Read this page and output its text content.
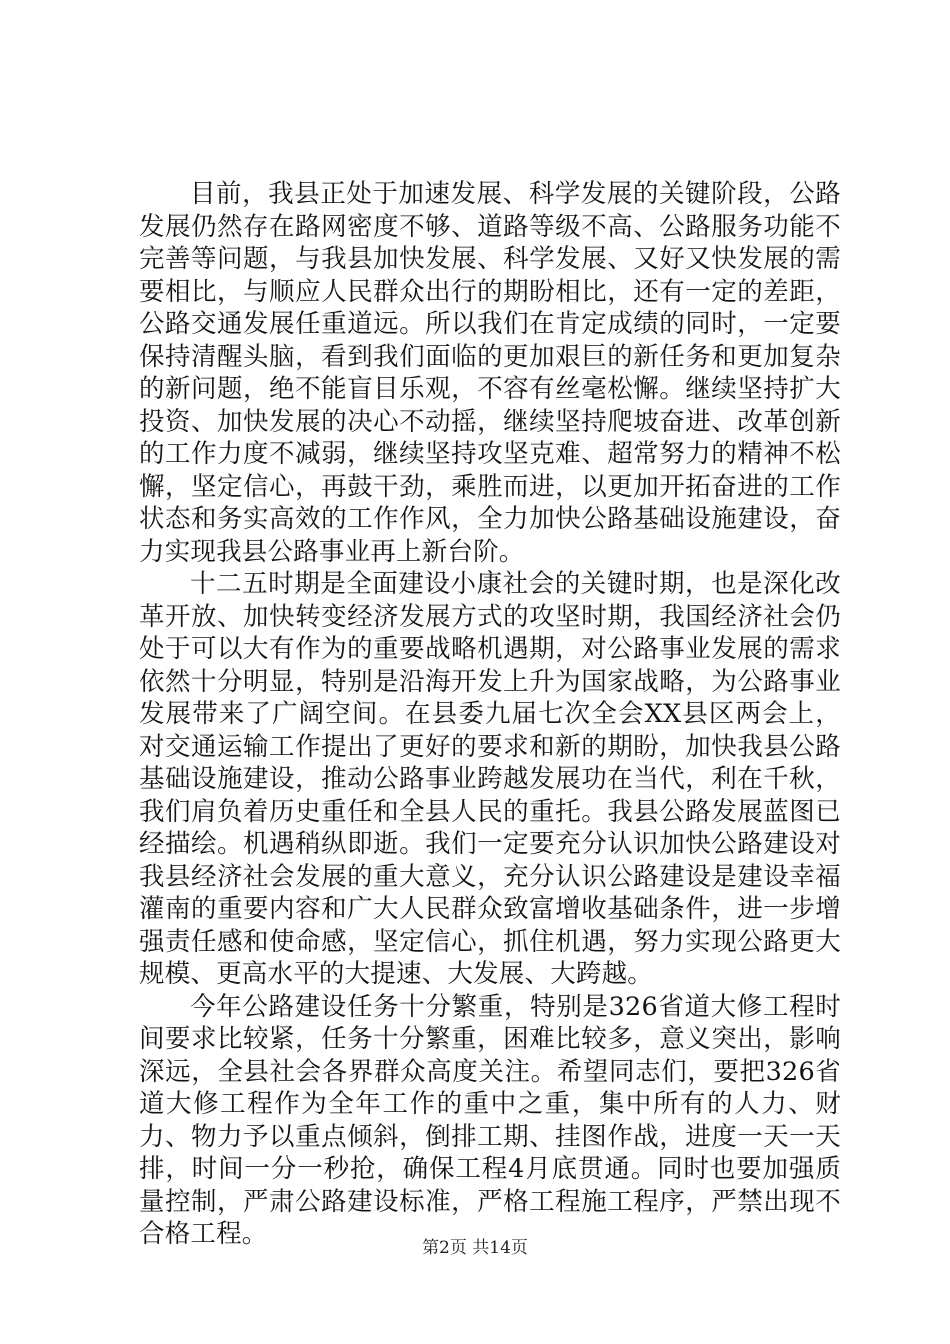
目前，我县正处于加速发展、科学发展的关键阶段，公路发展仍然存在路网密度不够、道路等级不高、公路服务功能不完善等问题，与我县加快发展、科学发展、又好又快发展的需要相比，与顺应人民群众出行的期盼相比，还有一定的差距，公路交通发展任重道远。所以我们在肯定成绩的同时，一定要保持清醒头脑，看到我们面临的更加艰巨的新任务和更加复杂的新问题，绝不能盲目乐观，不容有丝毫松懈。继续坚持扩大投资、加快发展的决心不动摇，继续坚持爬坡奋进、改革创新的工作力度不减弱，继续坚持攻坚克难、超常努力的精神不松懈，坚定信心，再鼓干劲，乘胜而进，以更加开拓奋进的工作状态和务实高效的工作作风，全力加快公路基础设施建设，奋力实现我县公路事业再上新台阶。

十二五时期是全面建设小康社会的关键时期，也是深化改革开放、加快转变经济发展方式的攻坚时期，我国经济社会仍处于可以大有作为的重要战略机遇期，对公路事业发展的需求依然十分明显，特别是沿海开发上升为国家战略，为公路事业发展带来了广阔空间。在县委九届七次全会XX县区两会上，对交通运输工作提出了更好的要求和新的期盼，加快我县公路基础设施建设，推动公路事业跨越发展功在当代，利在千秋，我们肩负着历史重任和全县人民的重托。我县公路发展蓝图已经描绘。机遇稍纵即逝。我们一定要充分认识加快公路建设对我县经济社会发展的重大意义，充分认识公路建设是建设幸福灌南的重要内容和广大人民群众致富增收基础条件，进一步增强责任感和使命感，坚定信心，抓住机遇，努力实现公路更大规模、更高水平的大提速、大发展、大跨越。

今年公路建设任务十分繁重，特别是326省道大修工程时间要求比较紧，任务十分繁重，困难比较多，意义突出，影响深远，全县社会各界群众高度关注。希望同志们，要把326省道大修工程作为全年工作的重中之重，集中所有的人力、财力、物力予以重点倾斜，倒排工期、挂图作战，进度一天一天排，时间一分一秒抢，确保工程4月底贯通。同时也要加强质量控制，严肃公路建设标准，严格工程施工程序，严禁出现不合格工程。	第2页 共14页
